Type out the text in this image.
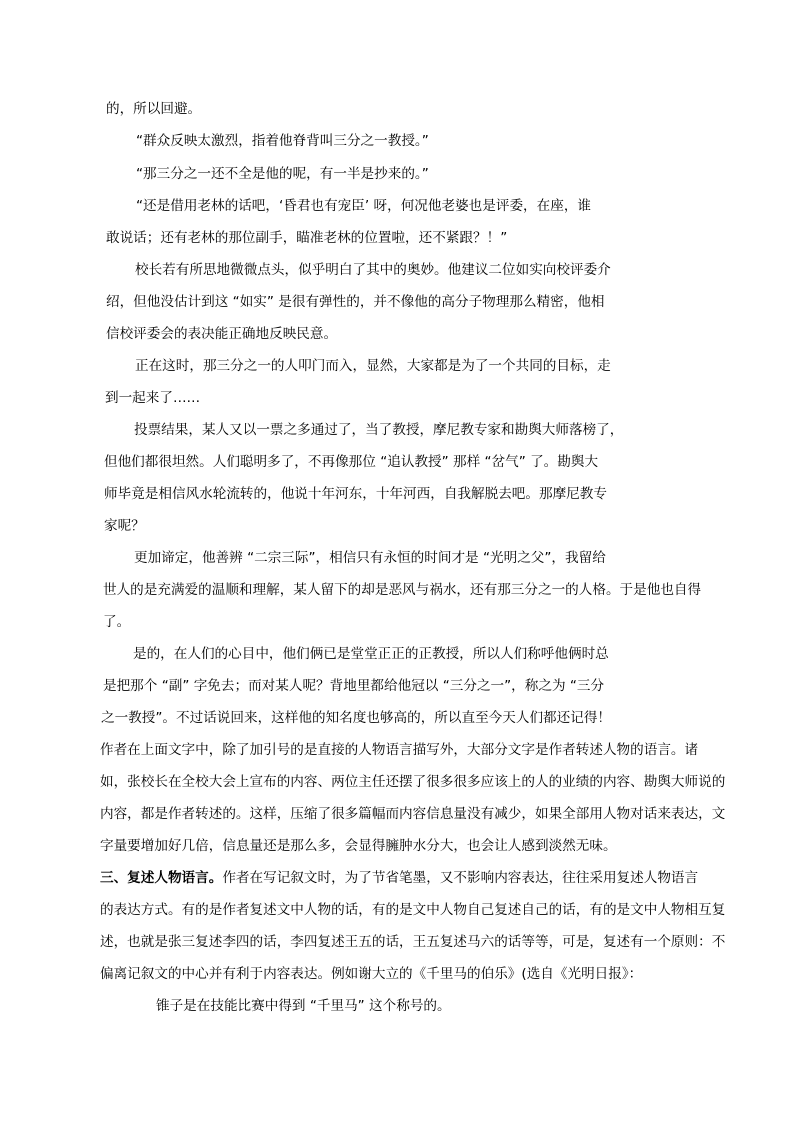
的，所以回避。
“群众反映太激烈，指着他脊背叫三分之一教授。”
“那三分之一还不全是他的呢，有一半是抄来的。”
“还是借用老林的话吧，‘昏君也有宠臣’ 呀，何况他老婆也是评委，在座，谁
敢说话；还有老林的那位副手，瞄准老林的位置啦，还不紧跟？！”
校长若有所思地微微点头，似乎明白了其中的奥妙。他建议二位如实向校评委介
绍，但他没估计到这 “如实” 是很有弹性的，并不像他的高分子物理那么精密，他相
信校评委会的表决能正确地反映民意。
正在这时，那三分之一的人叩门而入，显然，大家都是为了一个共同的目标，走
到一起来了……
投票结果，某人又以一票之多通过了，当了教授，摩尼教专家和勘舆大师落榜了，
但他们都很坦然。人们聪明多了，不再像那位 “追认教授” 那样 “岔气” 了。勘舆大
师毕竟是相信风水轮流转的，他说十年河东，十年河西，自我解脱去吧。那摩尼教专
家呢？
更加谛定，他善辨 “二宗三际”，相信只有永恒的时间才是 “光明之父”，我留给
世人的是充满爱的温顺和理解，某人留下的却是恶风与祸水，还有那三分之一的人格。于是他也自得
了。
是的，在人们的心目中，他们俩已是堂堂正正的正教授，所以人们称呼他俩时总
是把那个 “副” 字免去；而对某人呢？背地里都给他冠以 “三分之一”，称之为 “三分
之一教授”。不过话说回来，这样他的知名度也够高的，所以直至今天人们都还记得！
作者在上面文字中，除了加引号的是直接的人物语言描写外，大部分文字是作者转述人物的语言。诸
如，张校长在全校大会上宣布的内容、两位主任还摆了很多很多应该上的人的业绩的内容、勘舆大师说的
内容，都是作者转述的。这样，压缩了很多篇幅而内容信息量没有减少，如果全部用人物对话来表达，文
字量要增加好几倍，信息量还是那么多，会显得臃肿水分大，也会让人感到淡然无味。
三、复述人物语言。作者在写记叙文时，为了节省笔墨，又不影响内容表达，往往采用复述人物语言
的表达方式。有的是作者复述文中人物的话，有的是文中人物自己复述自己的话，有的是文中人物相互复
述，也就是张三复述李四的话，李四复述王五的话，王五复述马六的话等等，可是，复述有一个原则：不
偏离记叙文的中心并有利于内容表达。例如谢大立的《千里马的伯乐》(选自《光明日报》：
锥子是在技能比赛中得到 “千里马” 这个称号的。
